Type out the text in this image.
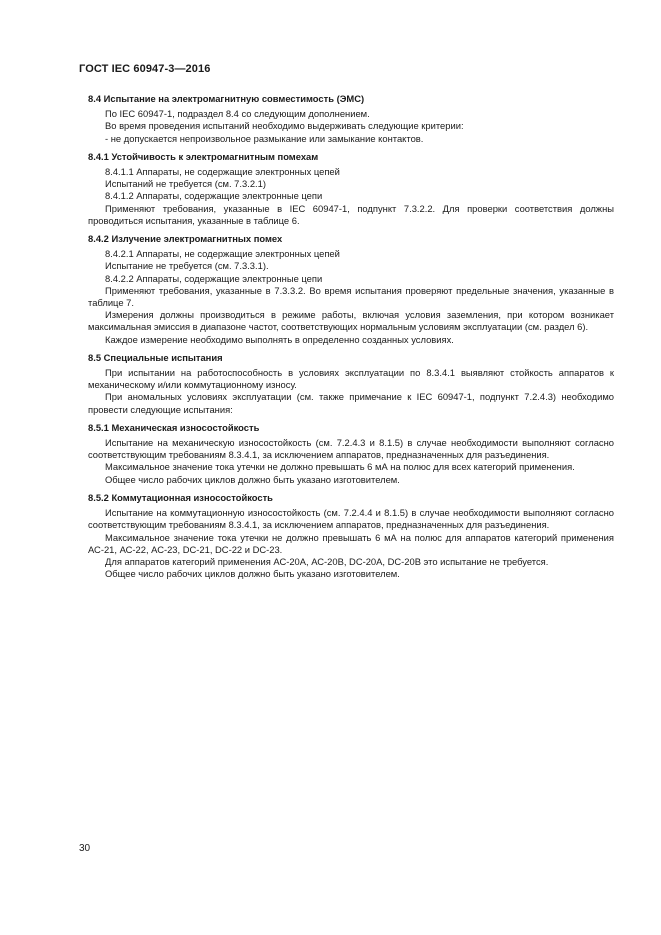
ГОСТ IEC 60947-3—2016

8.4 Испытание на электромагнитную совместимость (ЭМС)

По IEC 60947-1, подраздел 8.4 со следующим дополнением.

Во время проведения испытаний необходимо выдерживать следующие критерии:

- не допускается непроизвольное размыкание или замыкание контактов.

8.4.1 Устойчивость к электромагнитным помехам

8.4.1.1 Аппараты, не содержащие электронных цепей

Испытаний не требуется (см. 7.3.2.1)

8.4.1.2 Аппараты, содержащие электронные цепи

Применяют требования, указанные в IEC 60947-1, подпункт 7.3.2.2. Для проверки соответствия должны проводиться испытания, указанные в таблице 6.

8.4.2 Излучение электромагнитных помех

8.4.2.1 Аппараты, не содержащие электронных цепей

Испытание не требуется (см. 7.3.3.1).

8.4.2.2 Аппараты, содержащие электронные цепи

Применяют требования, указанные в 7.3.3.2. Во время испытания проверяют предельные значения, указанные в таблице 7.

Измерения должны производиться в режиме работы, включая условия заземления, при котором возникает максимальная эмиссия в диапазоне частот, соответствующих нормальным условиям эксплуатации (см. раздел 6).

Каждое измерение необходимо выполнять в определенно созданных условиях.

8.5 Специальные испытания

При испытании на работоспособность в условиях эксплуатации по 8.3.4.1 выявляют стойкость аппаратов к механическому и/или коммутационному износу.

При аномальных условиях эксплуатации (см. также примечание к IEC 60947-1, подпункт 7.2.4.3) необходимо провести следующие испытания:

8.5.1 Механическая износостойкость

Испытание на механическую износостойкость (см. 7.2.4.3 и 8.1.5) в случае необходимости выполняют согласно соответствующим требованиям 8.3.4.1, за исключением аппаратов, предназначенных для разъединения.

Максимальное значение тока утечки не должно превышать 6 мА на полюс для всех категорий применения.

Общее число рабочих циклов должно быть указано изготовителем.

8.5.2 Коммутационная износостойкость

Испытание на коммутационную износостойкость (см. 7.2.4.4 и 8.1.5) в случае необходимости выполняют согласно соответствующим требованиям 8.3.4.1, за исключением аппаратов, предназначенных для разъединения.

Максимальное значение тока утечки не должно превышать 6 мА на полюс для аппаратов категорий применения АС-21, АС-22, АС-23, DC-21, DC-22 и DC-23.

Для аппаратов категорий применения АС-20А, АС-20В, DC-20A, DC-20B это испытание не требуется.

Общее число рабочих циклов должно быть указано изготовителем.

30
